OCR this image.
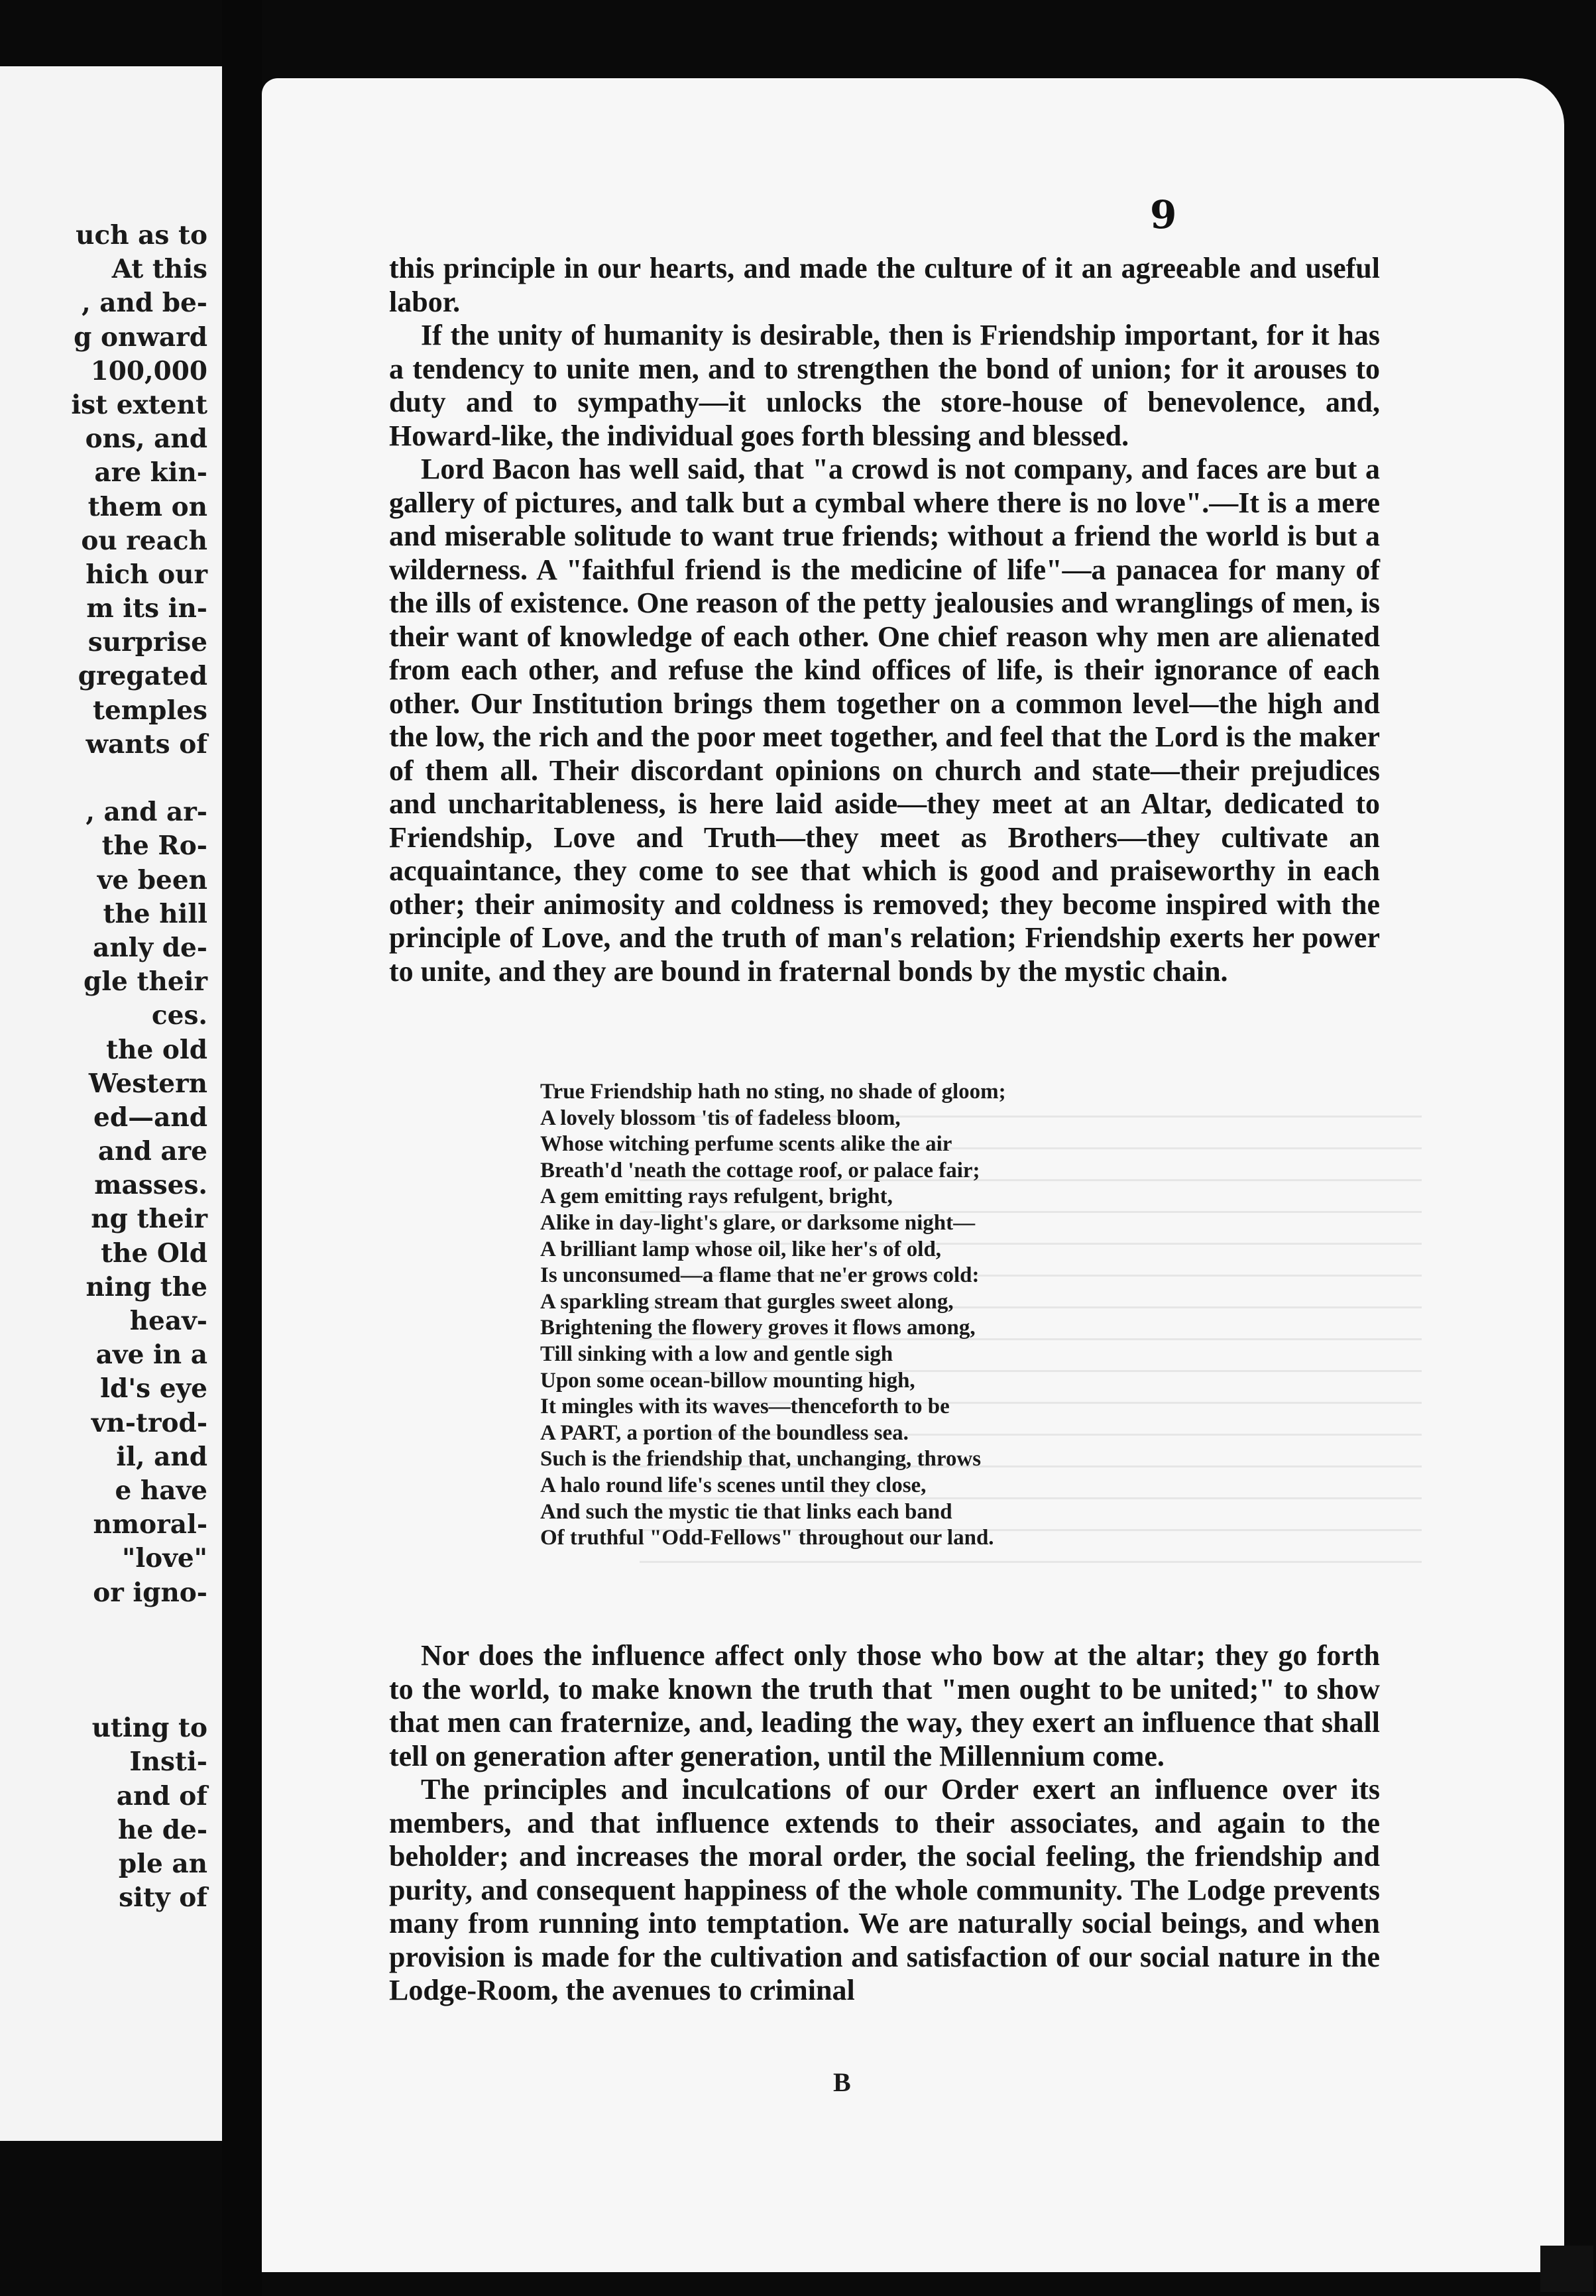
uch as to
At this
, and be-
g onward
100,000
ist extent
ons, and
are kin-
them on
ou reach
hich our
m its in-
surprise
gregated
temples
wants of
, and ar-
the Ro-
ve been
the hill
anly de-
gle their
ces.
the old
Western
ed—and
and are
masses.
ng their
the Old
ning the
heav-
ave in a
ld's eye
vn-trod-
il, and
e have
nmoral-
"love"
or igno-
uting to
Insti-
and of
he de-
ple an
sity of
9

this principle in our hearts, and made the culture of it an agreeable and useful labor.

If the unity of humanity is desirable, then is Friendship important, for it has a tendency to unite men, and to strengthen the bond of union; for it arouses to duty and to sympathy—it unlocks the store-house of benevolence, and, Howard-like, the individual goes forth blessing and blessed.

Lord Bacon has well said, that "a crowd is not company, and faces are but a gallery of pictures, and talk but a cymbal where there is no love".—It is a mere and miserable solitude to want true friends; without a friend the world is but a wilderness. A "faithful friend is the medicine of life"—a panacea for many of the ills of existence. One reason of the petty jealousies and wranglings of men, is their want of knowledge of each other. One chief reason why men are alienated from each other, and refuse the kind offices of life, is their ignorance of each other. Our Institution brings them together on a common level—the high and the low, the rich and the poor meet together, and feel that the Lord is the maker of them all. Their discordant opinions on church and state—their prejudices and uncharitableness, is here laid aside—they meet at an Altar, dedicated to Friendship, Love and Truth—they meet as Brothers—they cultivate an acquaintance, they come to see that which is good and praiseworthy in each other; their animosity and coldness is removed; they become inspired with the principle of Love, and the truth of man's relation; Friendship exerts her power to unite, and they are bound in fraternal bonds by the mystic chain.

True Friendship hath no sting, no shade of gloom;
A lovely blossom 'tis of fadeless bloom,
Whose witching perfume scents alike the air
Breath'd 'neath the cottage roof, or palace fair;
A gem emitting rays refulgent, bright,
Alike in day-light's glare, or darksome night—
A brilliant lamp whose oil, like her's of old,
Is unconsumed—a flame that ne'er grows cold:
A sparkling stream that gurgles sweet along,
Brightening the flowery groves it flows among,
Till sinking with a low and gentle sigh
Upon some ocean-billow mounting high,
It mingles with its waves—thenceforth to be
A PART, a portion of the boundless sea.
Such is the friendship that, unchanging, throws
A halo round life's scenes until they close,
And such the mystic tie that links each band
Of truthful "Odd-Fellows" throughout our land.

Nor does the influence affect only those who bow at the altar; they go forth to the world, to make known the truth that "men ought to be united;" to show that men can fraternize, and, leading the way, they exert an influence that shall tell on generation after generation, until the Millennium come.

The principles and inculcations of our Order exert an influence over its members, and that influence extends to their associates, and again to the beholder; and increases the moral order, the social feeling, the friendship and purity, and consequent happiness of the whole community. The Lodge prevents many from running into temptation. We are naturally social beings, and when provision is made for the cultivation and satisfaction of our social nature in the Lodge-Room, the avenues to criminal

B
